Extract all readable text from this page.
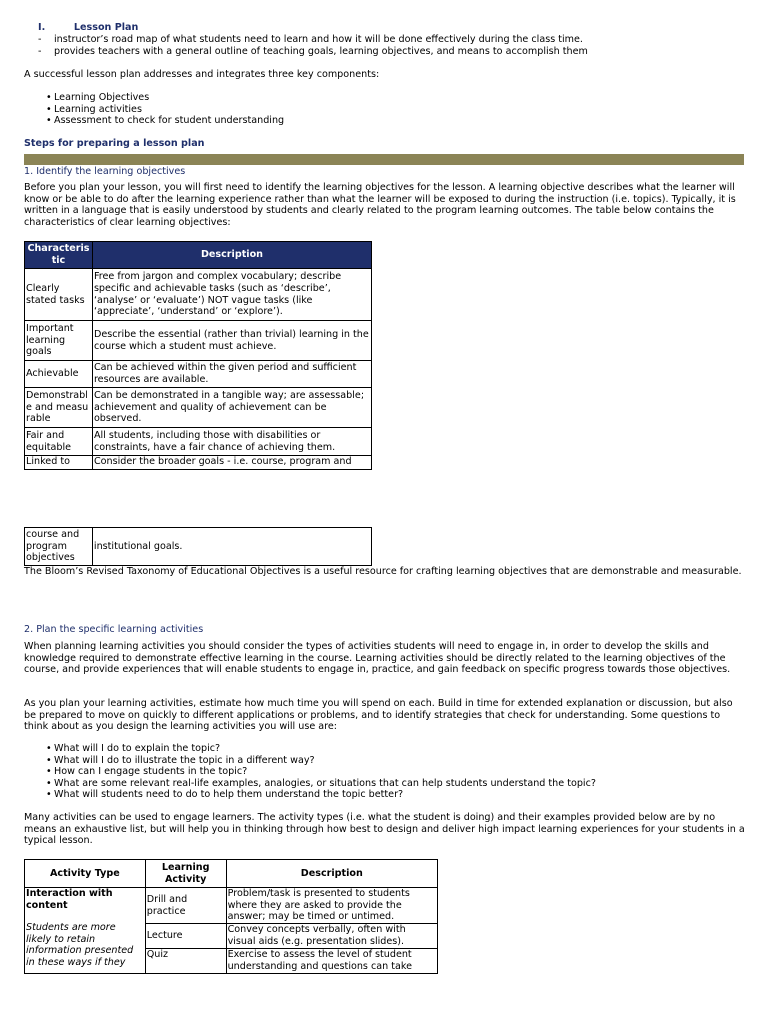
I.	Lesson Plan
- instructor’s road map of what students need to learn and how it will be done effectively during the class time.
- provides teachers with a general outline of teaching goals, learning objectives, and means to accomplish them

A successful lesson plan addresses and integrates three key components:

• Learning Objectives
• Learning activities
• Assessment to check for student understanding

Steps for preparing a lesson plan

1. Identify the learning objectives

Before you plan your lesson, you will first need to identify the learning objectives for the lesson. A learning objective describes what the learner will know or be able to do after the learning experience rather than what the learner will be exposed to during the instruction (i.e. topics). Typically, it is written in a language that is easily understood by students and clearly related to the program learning outcomes. The table below contains the characteristics of clear learning objectives:

Characteristic	Description
Clearly stated tasks	Free from jargon and complex vocabulary; describe specific and achievable tasks (such as ‘describe’, ‘analyse’ or ‘evaluate’) NOT vague tasks (like ‘appreciate’, ‘understand’ or ‘explore’).
Important learning goals	Describe the essential (rather than trivial) learning in the course which a student must achieve.
Achievable	Can be achieved within the given period and sufficient resources are available.
Demonstrable and measurable	Can be demonstrated in a tangible way; are assessable; achievement and quality of achievement can be observed.
Fair and equitable	All students, including those with disabilities or constraints, have a fair chance of achieving them.
Linked to	Consider the broader goals - i.e. course, program and
course and program objectives	institutional goals.

The Bloom’s Revised Taxonomy of Educational Objectives is a useful resource for crafting learning objectives that are demonstrable and measurable.

2. Plan the specific learning activities

When planning learning activities you should consider the types of activities students will need to engage in, in order to develop the skills and knowledge required to demonstrate effective learning in the course. Learning activities should be directly related to the learning objectives of the course, and provide experiences that will enable students to engage in, practice, and gain feedback on specific progress towards those objectives.

As you plan your learning activities, estimate how much time you will spend on each. Build in time for extended explanation or discussion, but also be prepared to move on quickly to different applications or problems, and to identify strategies that check for understanding. Some questions to think about as you design the learning activities you will use are:

• What will I do to explain the topic?
• What will I do to illustrate the topic in a different way?
• How can I engage students in the topic?
• What are some relevant real-life examples, analogies, or situations that can help students understand the topic?
• What will students need to do to help them understand the topic better?

Many activities can be used to engage learners. The activity types (i.e. what the student is doing) and their examples provided below are by no means an exhaustive list, but will help you in thinking through how best to design and deliver high impact learning experiences for your students in a typical lesson.

Activity Type	Learning Activity	Description

Interaction with content
Students are more likely to retain information presented in these ways if they	Drill and practice	Problem/task is presented to students where they are asked to provide the answer; may be timed or untimed.
	Lecture	Convey concepts verbally, often with visual aids (e.g. presentation slides).
	Quiz	Exercise to assess the level of student understanding and questions can take
